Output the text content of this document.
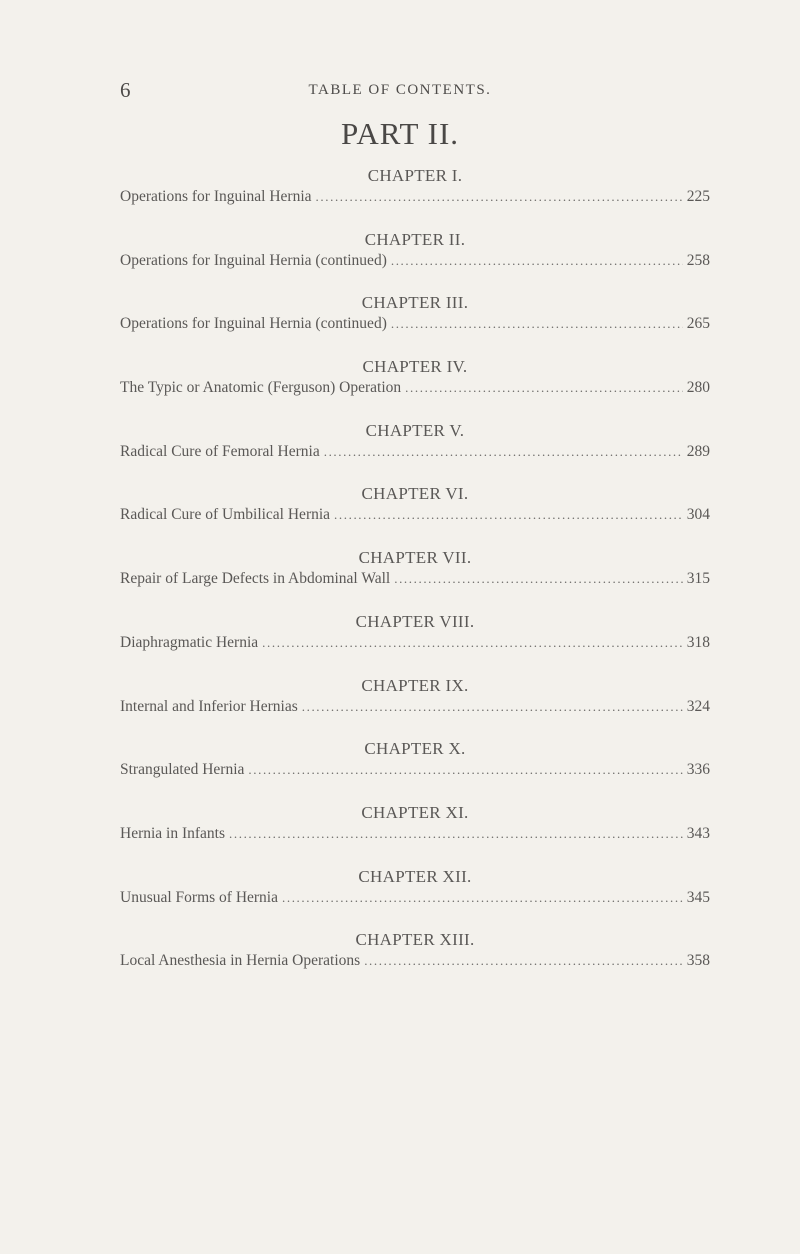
6	TABLE OF CONTENTS.
PART II.
CHAPTER I.
Operations for Inguinal Hernia .....	225
CHAPTER II.
Operations for Inguinal Hernia (continued) .....	258
CHAPTER III.
Operations for Inguinal Hernia (continued) .....	265
CHAPTER IV.
The Typic or Anatomic (Ferguson) Operation .....	280
CHAPTER V.
Radical Cure of Femoral Hernia .....	289
CHAPTER VI.
Radical Cure of Umbilical Hernia .....	304
CHAPTER VII.
Repair of Large Defects in Abdominal Wall .....	315
CHAPTER VIII.
Diaphragmatic Hernia .....	318
CHAPTER IX.
Internal and Inferior Hernias .....	324
CHAPTER X.
Strangulated Hernia .....	336
CHAPTER XI.
Hernia in Infants .....	343
CHAPTER XII.
Unusual Forms of Hernia .....	345
CHAPTER XIII.
Local Anesthesia in Hernia Operations .....	358
